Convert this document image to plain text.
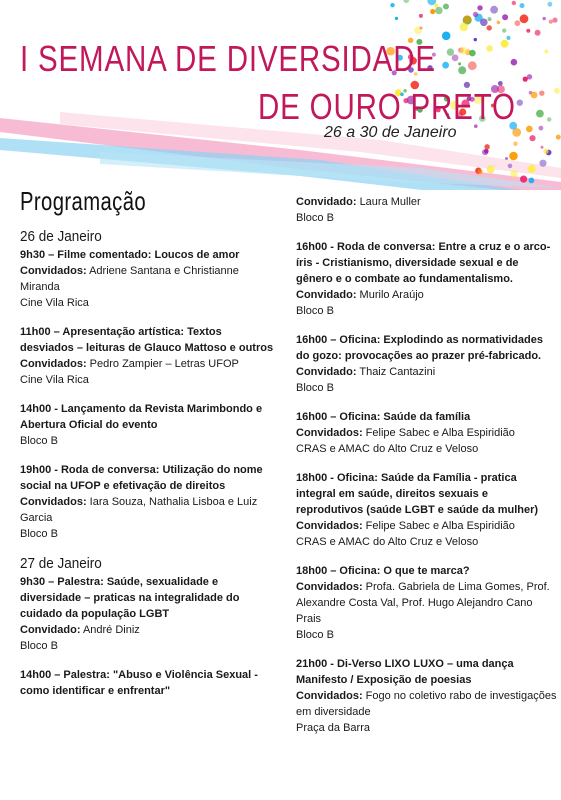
I SEMANA DE DIVERSIDADE
DE OURO PRETO
26 a 30 de Janeiro
Programação
26 de Janeiro
9h30 – Filme comentado: Loucos de amor
Convidados: Adriene Santana e Christianne Miranda
Cine Vila Rica
11h00 – Apresentação artística: Textos desviados – leituras de Glauco Mattoso e outros
Convidados: Pedro Zampier – Letras UFOP
Cine Vila Rica
14h00 - Lançamento da Revista Marimbondo e Abertura Oficial do evento
Bloco B
19h00 - Roda de conversa: Utilização do nome social na UFOP e efetivação de direitos
Convidados: Iara Souza, Nathalia Lisboa e Luiz Garcia
Bloco B
27 de Janeiro
9h30 – Palestra: Saúde, sexualidade e diversidade – praticas na integralidade do cuidado da população LGBT
Convidado: André Diniz
Bloco B
14h00 – Palestra: "Abuso e Violência Sexual - como identificar e enfrentar"
Convidado: Laura Muller
Bloco B
16h00 - Roda de conversa: Entre a cruz e o arco-íris - Cristianismo, diversidade sexual e de gênero e o combate ao fundamentalismo.
Convidado: Murilo Araújo
Bloco B
16h00 – Oficina: Explodindo as normatividades do gozo: provocações ao prazer pré-fabricado.
Convidado: Thaiz Cantazini
Bloco B
16h00 – Oficina: Saúde da família
Convidados: Felipe Sabec e Alba Espiridião
CRAS e AMAC do Alto Cruz e Veloso
18h00 - Oficina: Saúde da Família - pratica integral em saúde, direitos sexuais e reprodutivos (saúde LGBT e saúde da mulher)
Convidados: Felipe Sabec e Alba Espiridião
CRAS e AMAC do Alto Cruz e Veloso
18h00 – Oficina: O que te marca?
Convidados: Profa. Gabriela de Lima Gomes, Prof. Alexandre Costa Val, Prof. Hugo Alejandro Cano Prais
Bloco B
21h00 - Di-Verso LIXO LUXO – uma dança Manifesto / Exposição de poesias
Convidados: Fogo no coletivo rabo de investigações em diversidade
Praça da Barra
